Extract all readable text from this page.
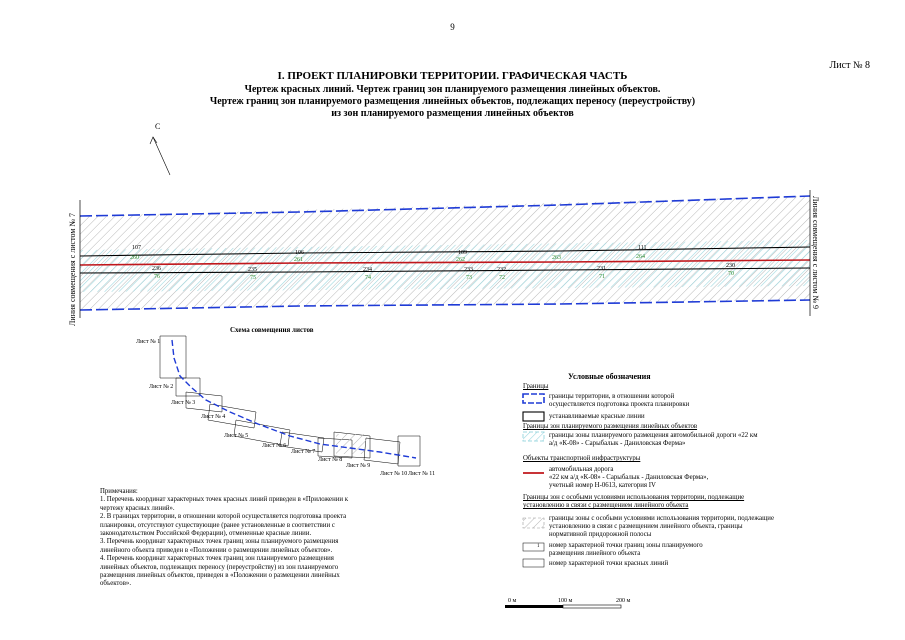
9
Лист № 8
I. ПРОЕКТ ПЛАНИРОВКИ ТЕРРИТОРИИ. ГРАФИЧЕСКАЯ ЧАСТЬ
Чертеж красных линий. Чертеж границ зон планируемого размещения линейных объектов.
Чертеж границ зон планируемого размещения линейных объектов, подлежащих переносу (переустройству)
из зон планируемого размещения линейных объектов
С
Линия совмещения с листом № 7	Линия совмещения с листом № 9
107
106	109
111
260	261	262	263	264
236	235	234	233	232	231	230
76	75	74	73	72	71	70
Схема совмещения листов
Лист № 1
Лист № 2
Лист № 3
Лист № 4
Лист № 5
Лист № 6
Лист № 7
Лист № 8
Лист № 9
Лист № 10 Лист № 11
Условные обозначения
Границы
границы территории, в отношении которой осуществляется подготовка проекта планировки
устанавливаемые красные линии
Границы зон планируемого размещения линейных объектов
границы зоны планируемого размещения автомобильной дороги «22 км а/д «К-08» - Сарыбалык - Даниловская Ферма»
Объекты транспортной инфраструктуры
автомобильная дорога
«22 км а/д «К-08» - Сарыбалык - Даниловская Ферма»,
учетный номер Н-0613, категория IV
Границы зон с особыми условиями использования территории, подлежащие установлению в связи с размещением линейного объекта
границы зоны с особыми условиями использования территории, подлежащие установлению в связи с размещением линейного объекта, границы нормативной придорожной полосы
1 номер характерной точки границ зоны планируемого размещения линейного объекта
номер характерной точки красных линий
Примечания:
1. Перечень координат характерных точек красных линий приведен в «Приложении к чертежу красных линий».
2. В границах территории, в отношении которой осуществляется подготовка проекта планировки, отсутствуют существующие (ранее установленные в соответствии с законодательством Российской Федерации), отмененные красные линии.
3. Перечень координат характерных точек границ зоны планируемого размещения линейного объекта приведен в «Положении о размещении линейных объектов».
4. Перечень координат характерных точек границ зон планируемого размещения линейных объектов, подлежащих переносу (переустройству) из зон планируемого размещения линейных объектов, приведен в «Положении о размещении линейных объектов».
0 м	100 м	200 м
